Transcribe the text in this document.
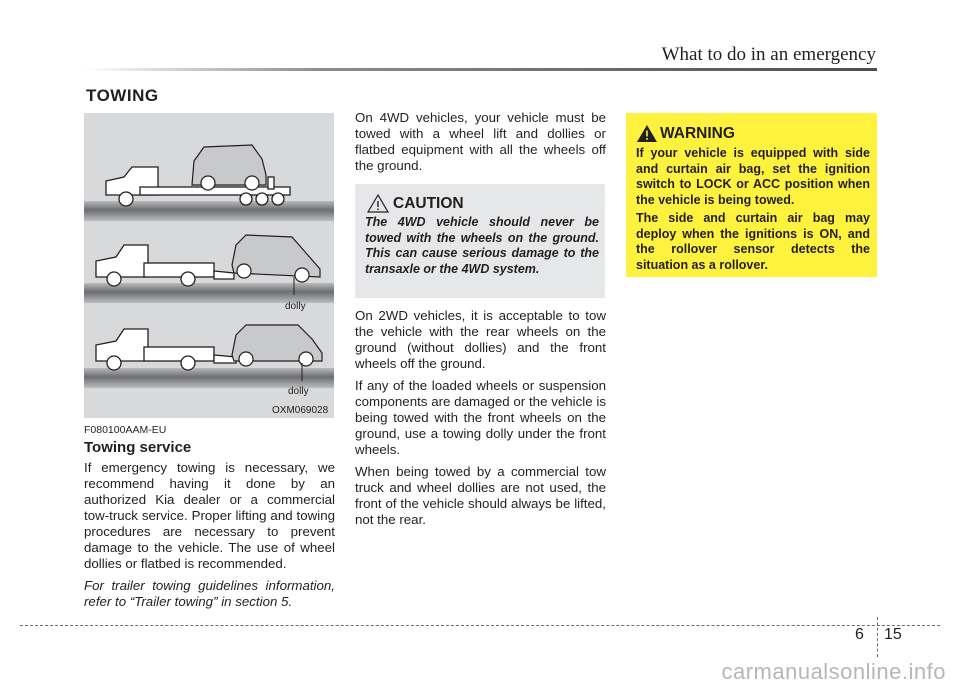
What to do in an emergency
TOWING
dolly
dolly
OXM069028
F080100AAM-EU
Towing service

If emergency towing is necessary, we recommend having it done by an authorized Kia dealer or a commercial tow-truck service. Proper lifting and towing procedures are necessary to prevent damage to the vehicle. The use of wheel dollies or flatbed is recommended.

For trailer towing guidelines information, refer to “Trailer towing” in section 5.

On 4WD vehicles, your vehicle must be towed with a wheel lift and dollies or flatbed equipment with all the wheels off the ground.

CAUTION
The 4WD vehicle should never be towed with the wheels on the ground. This can cause serious damage to the transaxle or the 4WD system.

On 2WD vehicles, it is acceptable to tow the vehicle with the rear wheels on the ground (without dollies) and the front wheels off the ground.

If any of the loaded wheels or suspension components are damaged or the vehicle is being towed with the front wheels on the ground, use a towing dolly under the front wheels.

When being towed by a commercial tow truck and wheel dollies are not used, the front of the vehicle should always be lifted, not the rear.

WARNING

If your vehicle is equipped with side and curtain air bag, set the ignition switch to LOCK or ACC position when the vehicle is being towed.

The side and curtain air bag may deploy when the ignitions is ON, and the rollover sensor detects the situation as a rollover.

6 15
carmanualsonline.info
